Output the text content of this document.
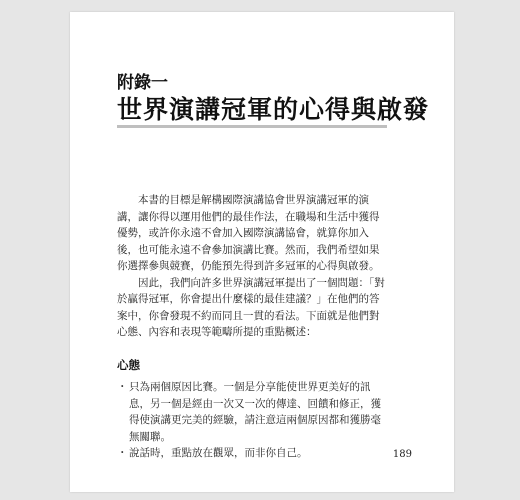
附錄一
世界演講冠軍的心得與啟發

本書的目標是解構國際演講協會世界演講冠軍的演講，讓你得以運用他們的最佳作法，在職場和生活中獲得優勢，或許你永遠不會加入國際演講協會，就算你加入後，也可能永遠不會參加演講比賽。然而，我們希望如果你選擇參與競賽，仍能預先得到許多冠軍的心得與啟發。

因此，我們向許多世界演講冠軍提出了一個問題：「對於贏得冠軍，你會提出什麼樣的最佳建議？」在他們的答案中，你會發現不約而同且一貫的看法。下面就是他們對心態、內容和表現等範疇所提的重點概述：

心態
・ 只為兩個原因比賽。一個是分享能使世界更美好的訊息，另一個是經由一次又一次的傳達、回饋和修正，獲得使演講更完美的經驗，請注意這兩個原因都和獲勝毫無關聯。
・ 說話時，重點放在觀眾，而非你自己。	189
